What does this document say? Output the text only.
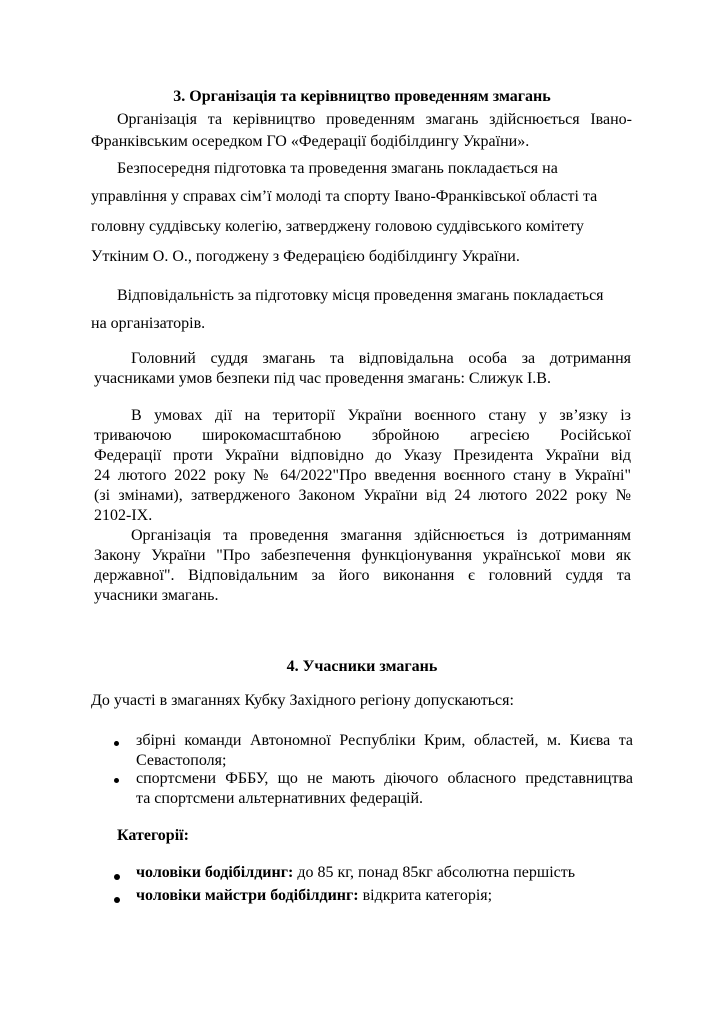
3. Організація та керівництво проведенням змагань

Організація та керівництво проведенням змагань здійснюється Івано-

Франківським осередком ГО «Федерації бодібілдингу України».

Безпосередня підготовка та проведення змагань покладається на

управління у справах сім’ї молоді та спорту Івано-Франківської області та

головну суддівську колегію, затверджену головою суддівського комітету

Уткіним О. О., погоджену з Федерацією бодібілдингу України.

Відповідальність за підготовку місця проведення змагань покладається

на організаторів.

Головний суддя змагань та відповідальна особа за дотримання

учасниками умов безпеки під час проведення змагань: Слижук І.В.

В умовах дії на території України воєнного стану у зв’язку із

триваючою широкомасштабною збройною агресією Російської

Федерації проти України відповідно до Указу Президента України від

24 лютого 2022 року № 64/2022"Про введення воєнного стану в Україні"

(зі змінами), затвердженого Законом України від 24 лютого 2022 року №

2102-IX.

Організація та проведення змагання здійснюється із дотриманням

Закону України "Про забезпечення функціонування української мови як

державної". Відповідальним за його виконання є головний суддя та

учасники змагань.

4. Учасники змагань

До участі в змаганнях Кубку Західного регіону допускаються:

збірні команди Автономної Республіки Крим, областей, м. Києва та

Севастополя;

спортсмени ФББУ, що не мають діючого обласного представництва

та спортсмени альтернативних федерацій.

Категорії:

чоловіки бодібілдинг: до 85 кг, понад 85кг абсолютна першість

чоловіки майстри бодібілдинг: відкрита категорія;
